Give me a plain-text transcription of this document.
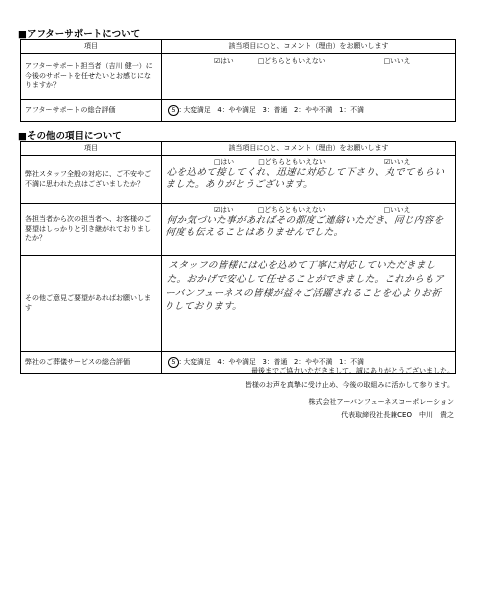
■アフターサポートについて
項目	該当項目に○と、コメント（理由）をお願いします
アフターサポート担当者（吉川 健一）に今後のサポートを任せたいとお感じになりますか？	☑はい □どちらともいえない □いいえ

アフターサポートの総合評価	5 : 大変満足　4：やや満足　3：普通　2：やや不満　1：不満
■その他の項目について
項目	該当項目に○と、コメント（理由）をお願いします
弊社スタッフ全般の対応に、ご不安やご不満に思われた点はございましたか？	□はい □どちらともいえない ☑いいえ
心を込めて接してくれ、迅速に対応して下さり、丸でてもらいました。ありがとうございます。

各担当者から次の担当者へ、お客様のご要望はしっかりと引き継がれておりましたか？	☑はい □どちらともいえない □いいえ
何か気づいた事があればその都度ご連絡いただき、同じ内容を何度も伝えることはありませんでした。

その他ご意見ご要望があればお願いします	スタッフの皆様には心を込めて丁寧に対応していただきました。おかげで安心して任せることができました。これからもアーバンフューネスの皆様が益々ご活躍されることを心よりお祈りしております。

弊社のご葬儀サービスの総合評価	5 : 大変満足　4：やや満足　3：普通　2：やや不満　1：不満
最後までご協力いただきまして、誠にありがとうございました。
皆様のお声を真摯に受け止め、今後の取組みに活かして参ります。
株式会社アーバンフューネスコーポレーション
代表取締役社長兼CEO　中川　貴之
